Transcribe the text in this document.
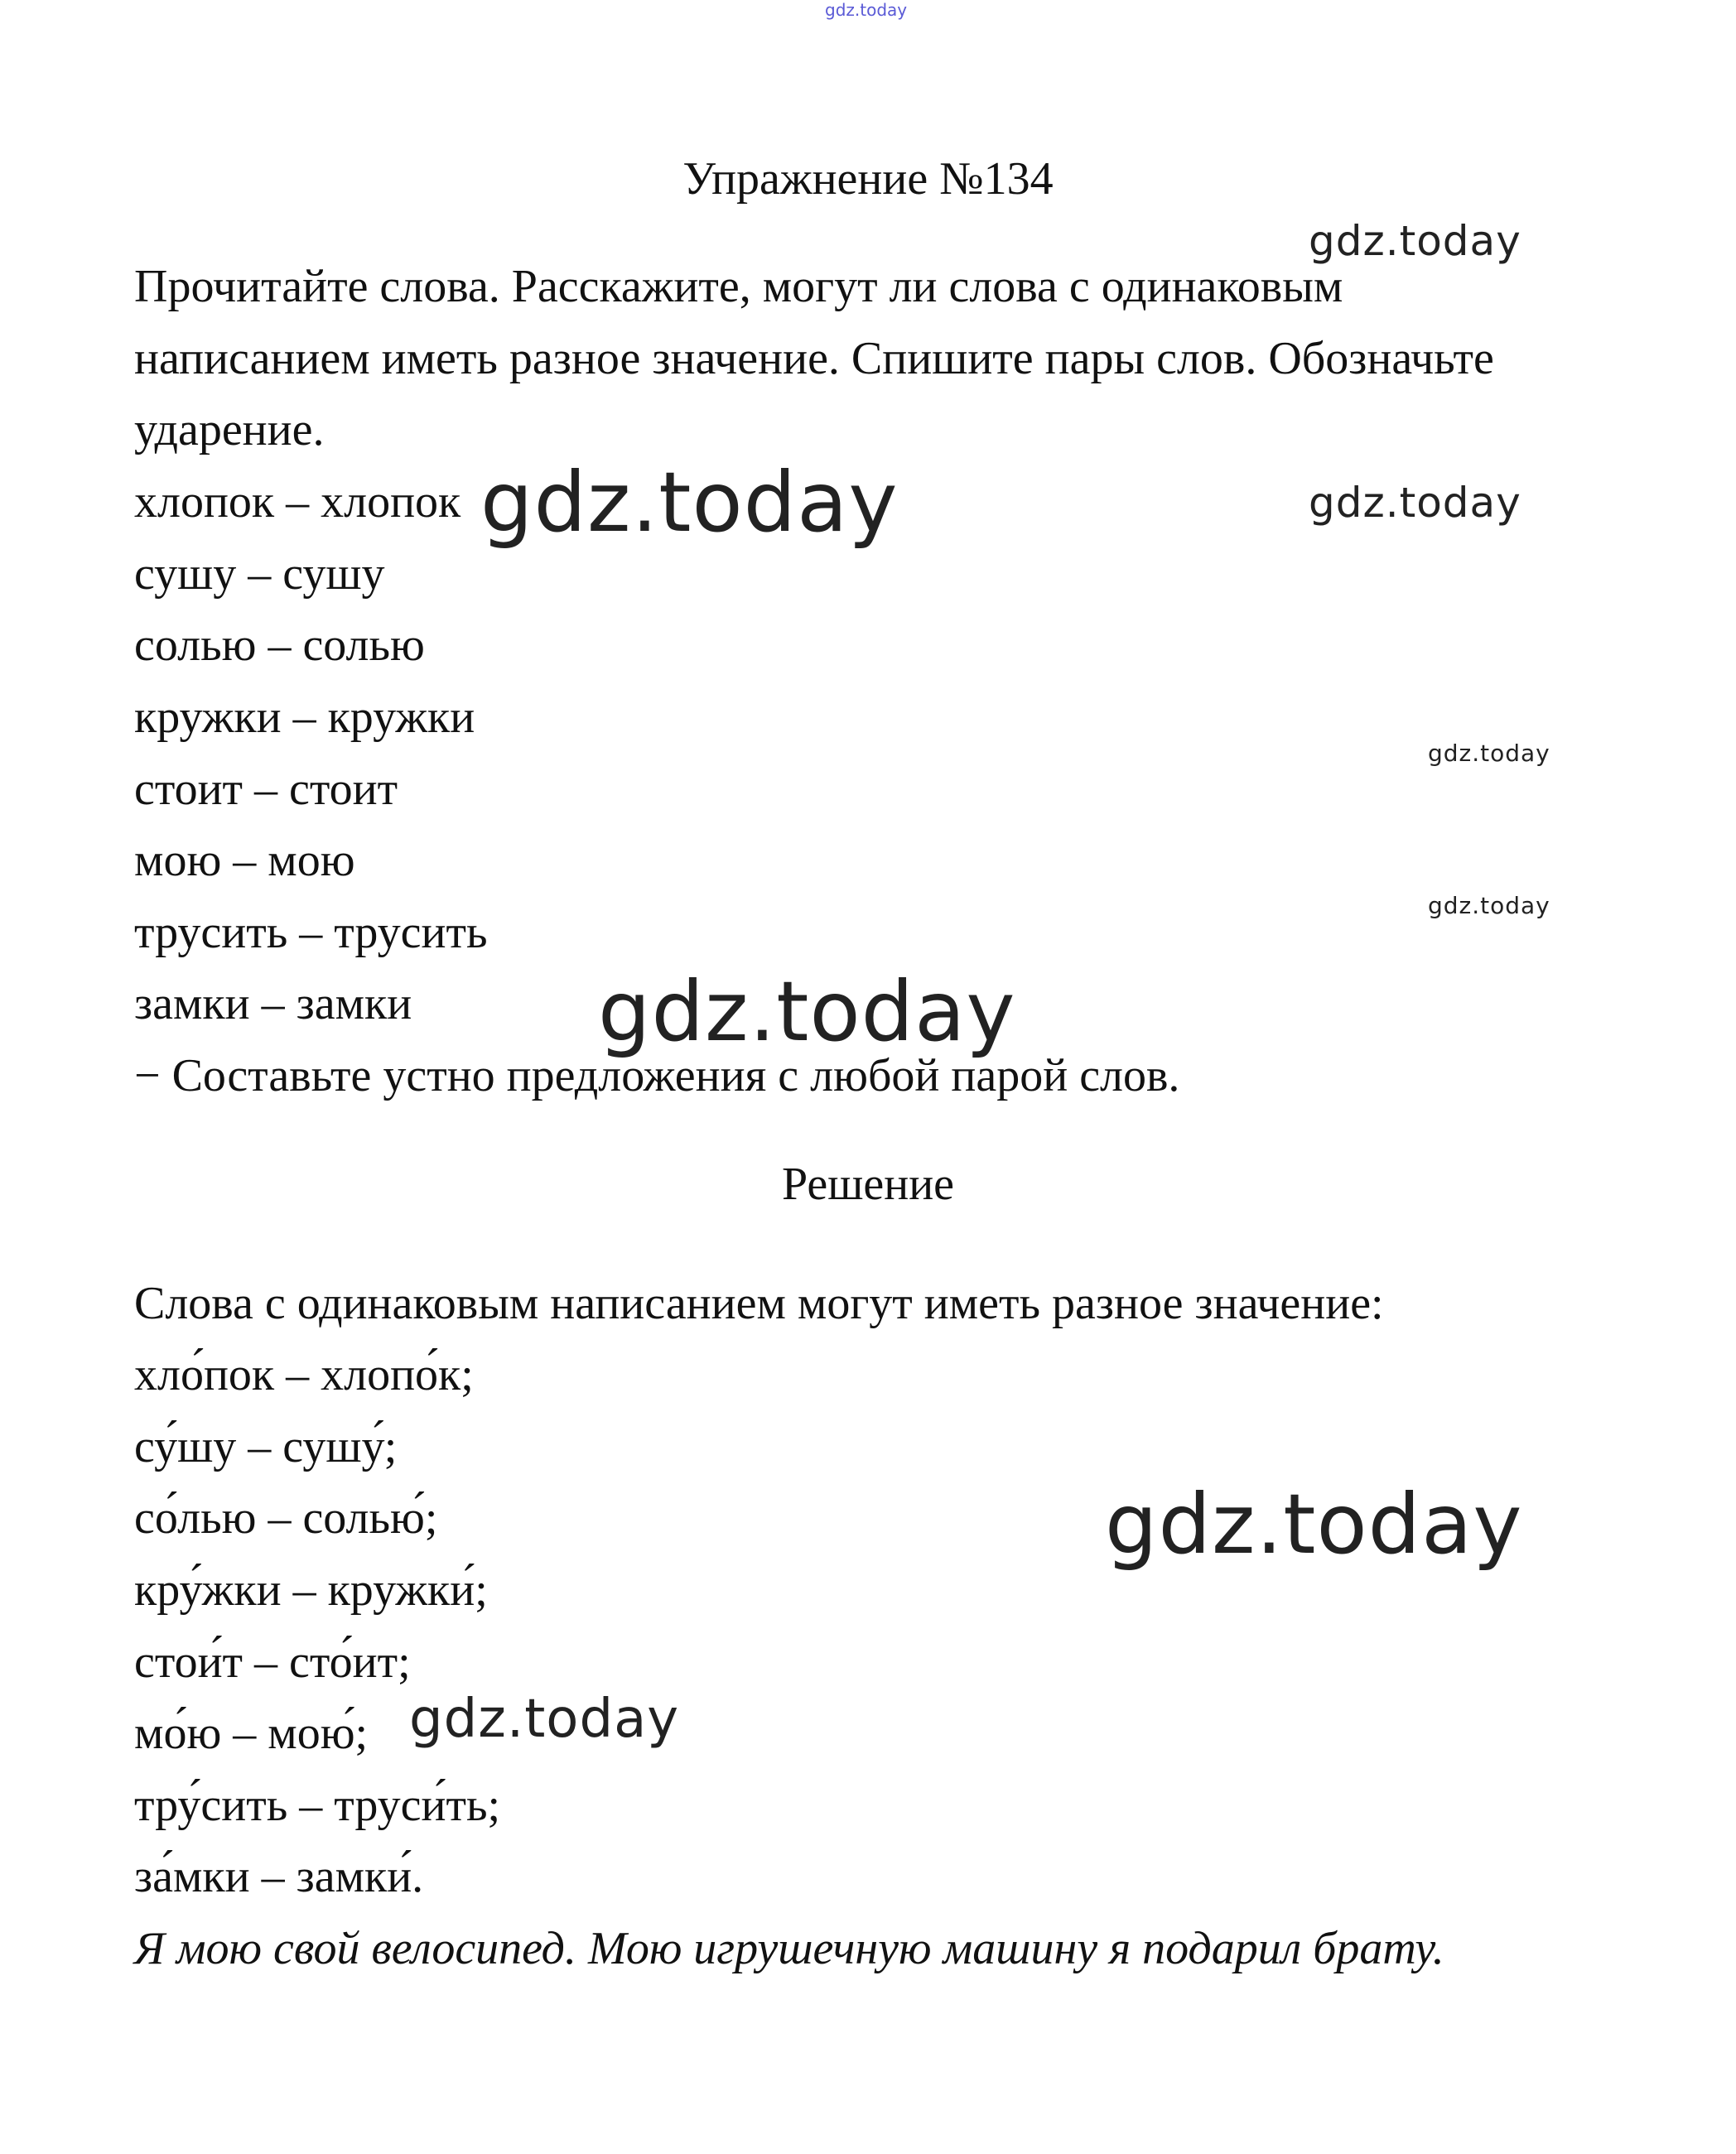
gdz.today
gdz.today
gdz.today	gdz.today
gdz.today
gdz.today
gdz.today
gdz.today
gdz.today
Упражнение №134
Прочитайте слова. Расскажите, могут ли слова с одинаковым
написанием иметь разное значение. Спишите пары слов. Обозначьте
ударение.
хлопок – хлопок
сушу – сушу
солью – солью
кружки – кружки
стоит – стоит
мою – мою
трусить – трусить
замки – замки
− Составьте устно предложения с любой парой слов.
Решение
Слова с одинаковым написанием могут иметь разное значение:
хло́пок – хлопо́к;
су́шу – сушу́;
со́лью – солью́;
кру́жки – кружки́;
стои́т – сто́ит;
мо́ю – мою́;
тру́сить – труси́ть;
за́мки – замки́.
Я мою свой велосипед. Мою игрушечную машину я подарил брату.
